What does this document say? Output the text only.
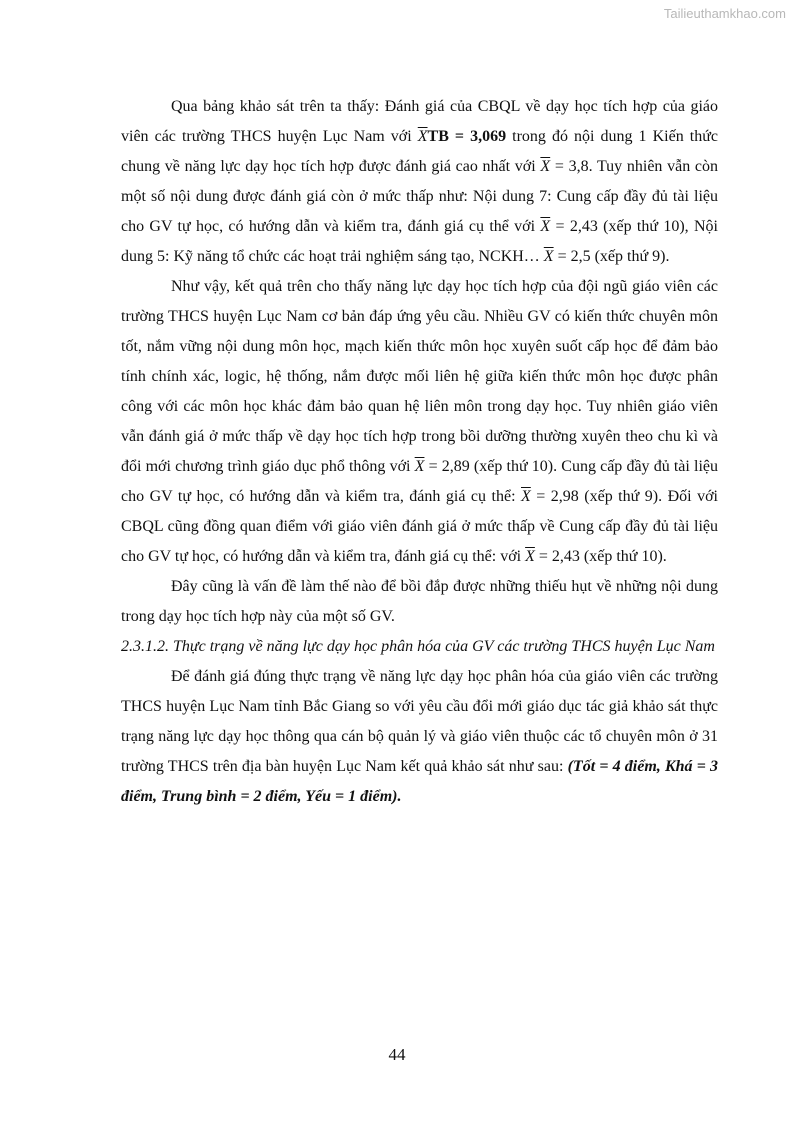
Tailieuthamkhao.com

Qua bảng khảo sát trên ta thấy: Đánh giá của CBQL về dạy học tích hợp của giáo viên các trường THCS huyện Lục Nam với $\overline{X}TB = 3,069$ trong đó nội dung 1 Kiến thức chung về năng lực dạy học tích hợp được đánh giá cao nhất với $\overline{X} = 3,8$. Tuy nhiên vẫn còn một số nội dung được đánh giá còn ở mức thấp như: Nội dung 7: Cung cấp đầy đủ tài liệu cho GV tự học, có hướng dẫn và kiểm tra, đánh giá cụ thể với $\overline{X} = 2,43$ (xếp thứ 10), Nội dung 5: Kỹ năng tổ chức các hoạt trải nghiệm sáng tạo, NCKH… $\overline{X} = 2,5$ (xếp thứ 9).

Như vậy, kết quả trên cho thấy năng lực dạy học tích hợp của đội ngũ giáo viên các trường THCS huyện Lục Nam cơ bản đáp ứng yêu cầu. Nhiều GV có kiến thức chuyên môn tốt, nắm vững nội dung môn học, mạch kiến thức môn học xuyên suốt cấp học để đảm bảo tính chính xác, logic, hệ thống, nắm được mối liên hệ giữa kiến thức môn học được phân công với các môn học khác đảm bảo quan hệ liên môn trong dạy học. Tuy nhiên giáo viên vẫn đánh giá ở mức thấp về dạy học tích hợp trong bồi dưỡng thường xuyên theo chu kì và đổi mới chương trình giáo dục phổ thông với $\overline{X} = 2,89$ (xếp thứ 10). Cung cấp đầy đủ tài liệu cho GV tự học, có hướng dẫn và kiểm tra, đánh giá cụ thể: $\overline{X} = 2,98$ (xếp thứ 9). Đối với CBQL cũng đồng quan điểm với giáo viên đánh giá ở mức thấp về Cung cấp đầy đủ tài liệu cho GV tự học, có hướng dẫn và kiểm tra, đánh giá cụ thể: với $\overline{X} = 2,43$ (xếp thứ 10).

Đây cũng là vấn đề làm thế nào để bồi đắp được những thiếu hụt về những nội dung trong dạy học tích hợp này của một số GV.

2.3.1.2. Thực trạng về năng lực dạy học phân hóa của GV các trường THCS huyện Lục Nam

Để đánh giá đúng thực trạng về năng lực dạy học phân hóa của giáo viên các trường THCS huyện Lục Nam tỉnh Bắc Giang so với yêu cầu đổi mới giáo dục tác giả khảo sát thực trạng năng lực dạy học thông qua cán bộ quản lý và giáo viên thuộc các tổ chuyên môn ở 31 trường THCS trên địa bàn huyện Lục Nam kết quả khảo sát như sau: (Tốt = 4 điểm, Khá = 3 điểm, Trung bình = 2 điểm, Yếu = 1 điểm).

44
